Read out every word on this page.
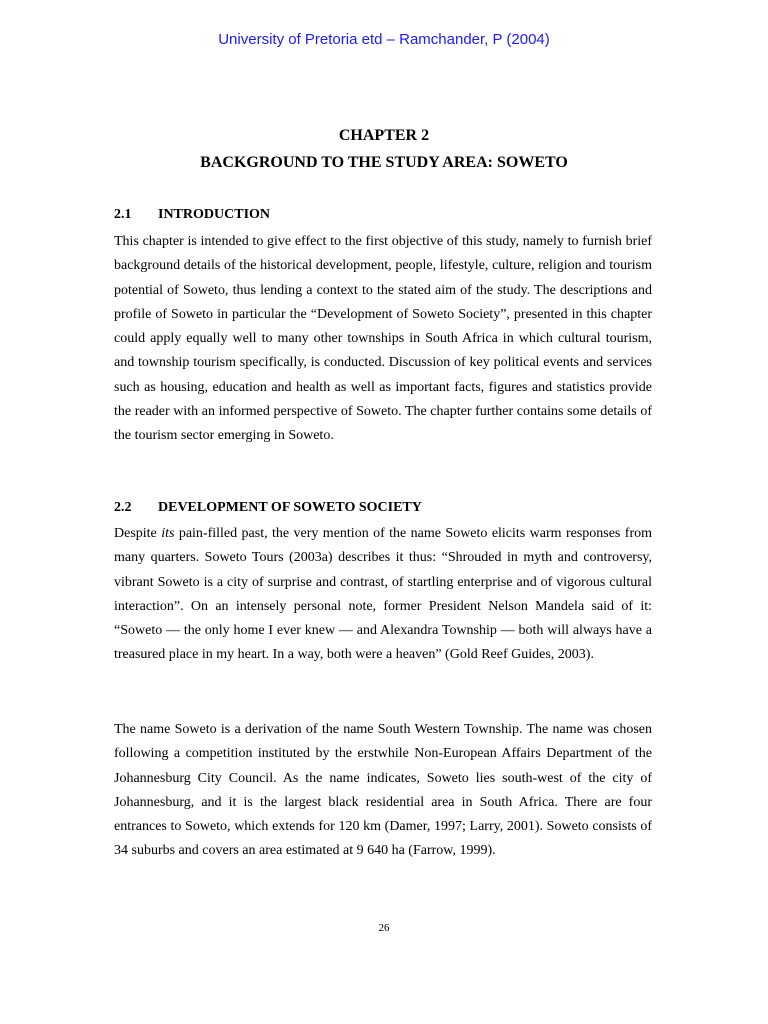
University of Pretoria etd – Ramchander, P (2004)
CHAPTER 2
BACKGROUND TO THE STUDY AREA: SOWETO
2.1 INTRODUCTION

This chapter is intended to give effect to the first objective of this study, namely to furnish brief background details of the historical development, people, lifestyle, culture, religion and tourism potential of Soweto, thus lending a context to the stated aim of the study. The descriptions and profile of Soweto in particular the “Development of Soweto Society”, presented in this chapter could apply equally well to many other townships in South Africa in which cultural tourism, and township tourism specifically, is conducted. Discussion of key political events and services such as housing, education and health as well as important facts, figures and statistics provide the reader with an informed perspective of Soweto. The chapter further contains some details of the tourism sector emerging in Soweto.

2.2 DEVELOPMENT OF SOWETO SOCIETY

Despite its pain-filled past, the very mention of the name Soweto elicits warm responses from many quarters. Soweto Tours (2003a) describes it thus: “Shrouded in myth and controversy, vibrant Soweto is a city of surprise and contrast, of startling enterprise and of vigorous cultural interaction”. On an intensely personal note, former President Nelson Mandela said of it: “Soweto — the only home I ever knew — and Alexandra Township — both will always have a treasured place in my heart. In a way, both were a heaven” (Gold Reef Guides, 2003).

The name Soweto is a derivation of the name South Western Township. The name was chosen following a competition instituted by the erstwhile Non-European Affairs Department of the Johannesburg City Council. As the name indicates, Soweto lies south-west of the city of Johannesburg, and it is the largest black residential area in South Africa. There are four entrances to Soweto, which extends for 120 km (Damer, 1997; Larry, 2001). Soweto consists of 34 suburbs and covers an area estimated at 9 640 ha (Farrow, 1999).

26
